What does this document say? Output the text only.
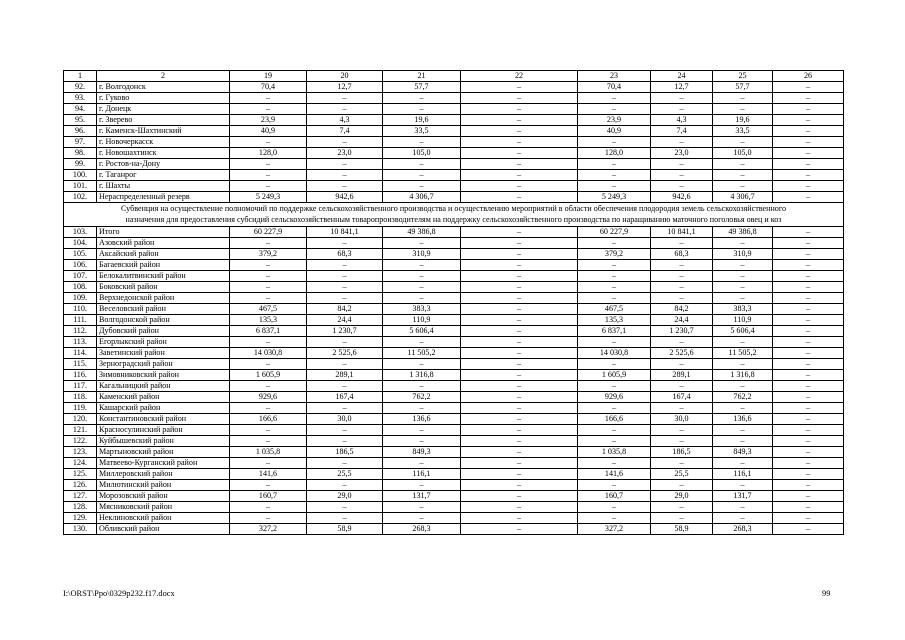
1	2	19	20	21	22	23	24	25	26
92.	г. Волгодонск	70,4	12,7	57,7	–	70,4	12,7	57,7	–
93.	г. Гуково	–	–	–	–	–	–	–	–
94.	г. Донецк	–	–	–	–	–	–	–	–
95.	г. Зверево	23,9	4,3	19,6	–	23,9	4,3	19,6	–
96.	г. Каменск-Шахтинский	40,9	7,4	33,5	–	40,9	7,4	33,5	–
97.	г. Новочеркасск	–	–	–	–	–	–	–	–
98.	г. Новошахтинск	128,0	23,0	105,0	–	128,0	23,0	105,0	–
99.	г. Ростов-на-Дону	–	–	–	–	–	–	–	–
100.	г. Таганрог	–	–	–	–	–	–	–	–
101.	г. Шахты	–	–	–	–	–	–	–	–
102.	Нераспределенный резерв	5 249,3	942,6	4 306,7	–	5 249,3	942,6	4 306,7	–
Субвенция на осуществление полномочий по поддержке сельскохозяйственного производства и осуществлению мероприятий в области обеспечения плодородия земель сельскохозяйственного назначения для предоставления субсидий сельскохозяйственным товаропроизводителям на поддержку сельскохозяйственного производства по наращиванию маточного поголовья овец и коз									
103.	Итого	60 227,9	10 841,1	49 386,8	–	60 227,9	10 841,1	49 386,8	–
104.	Азовский район	–	–	–	–	–	–	–	–
105.	Аксайский район	379,2	68,3	310,9	–	379,2	68,3	310,9	–
106.	Багаевский район	–	–	–	–	–	–	–	–
107.	Белокалитвинский район	–	–	–	–	–	–	–	–
108.	Боковский район	–	–	–	–	–	–	–	–
109.	Верхнедонской район	–	–	–	–	–	–	–	–
110.	Веселовский район	467,5	84,2	383,3	–	467,5	84,2	383,3	–
111.	Волгодонской район	135,3	24,4	110,9	–	135,3	24,4	110,9	–
112.	Дубовский район	6 837,1	1 230,7	5 606,4	–	6 837,1	1 230,7	5 606,4	–
113.	Егорлыкский район	–	–	–	–	–	–	–	–
114.	Заветинский район	14 030,8	2 525,6	11 505,2	–	14 030,8	2 525,6	11 505,2	–
115.	Зерноградский район	–	–	–	–	–	–	–	–
116.	Зимовниковский район	1 605,9	289,1	1 316,8	–	1 605,9	289,1	1 316,8	–
117.	Кагальницкий район	–	–	–	–	–	–	–	–
118.	Каменский район	929,6	167,4	762,2	–	929,6	167,4	762,2	–
119.	Кашарский район	–	–	–	–	–	–	–	–
120.	Константиновский район	166,6	30,0	136,6	–	166,6	30,0	136,6	–
121.	Красносулинский район	–	–	–	–	–	–	–	–
122.	Куйбышевский район	–	–	–	–	–	–	–	–
123.	Мартыновский район	1 035,8	186,5	849,3	–	1 035,8	186,5	849,3	–
124.	Матвеево-Курганский район	–	–	–	–	–	–	–	–
125.	Миллеровский район	141,6	25,5	116,1	–	141,6	25,5	116,1	–
126.	Милютинский район	–	–	–	–	–	–	–	–
127.	Морозовский район	160,7	29,0	131,7	–	160,7	29,0	131,7	–
128.	Мясниковский район	–	–	–	–	–	–	–	–
129.	Неклиновский район	–	–	–	–	–	–	–	–
130.	Обливский район	327,2	58,9	268,3	–	327,2	58,9	268,3	–
I:\ORST\Ppo\0329p232.f17.docx	99
